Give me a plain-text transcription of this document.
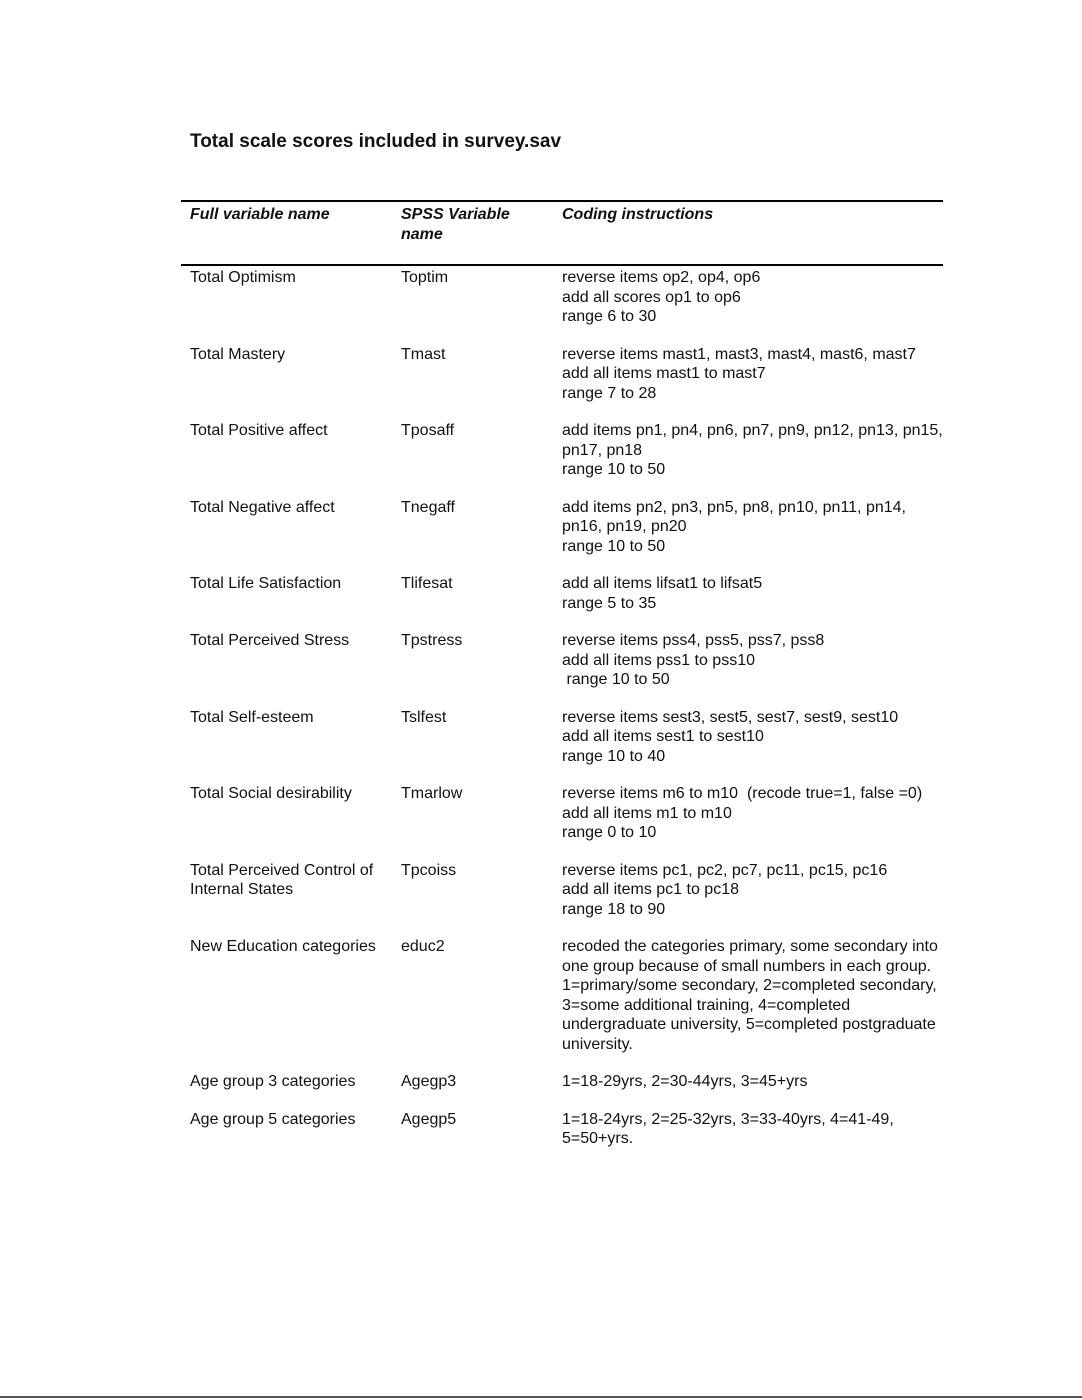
Total scale scores included in survey.sav
Full variable name	SPSS Variable name	Coding instructions
Total Optimism	Toptim	reverse items op2, op4, op6
add all scores op1 to op6
range 6 to 30

Total Mastery	Tmast	reverse items mast1, mast3, mast4, mast6, mast7
add all items mast1 to mast7
range 7 to 28

Total Positive affect	Tposaff	add items pn1, pn4, pn6, pn7, pn9, pn12, pn13, pn15, pn17, pn18
range 10 to 50

Total Negative affect	Tnegaff	add items pn2, pn3, pn5, pn8, pn10, pn11, pn14, pn16, pn19, pn20
range 10 to 50

Total Life Satisfaction	Tlifesat	add all items lifsat1 to lifsat5
range 5 to 35

Total Perceived Stress	Tpstress	reverse items pss4, pss5, pss7, pss8
add all items pss1 to pss10
range 10 to 50

Total Self-esteem	Tslfest	reverse items sest3, sest5, sest7, sest9, sest10
add all items sest1 to sest10
range 10 to 40

Total Social desirability	Tmarlow	reverse items m6 to m10  (recode true=1, false =0)
add all items m1 to m10
range 0 to 10

Total Perceived Control of Internal States	Tpcoiss	reverse items pc1, pc2, pc7, pc11, pc15, pc16
add all items pc1 to pc18
range 18 to 90

New Education categories	educ2	recoded the categories primary, some secondary into one group because of small numbers in each group.
1=primary/some secondary, 2=completed secondary, 3=some additional training, 4=completed undergraduate university, 5=completed postgraduate university.

Age group 3 categories	Agegp3	1=18-29yrs, 2=30-44yrs, 3=45+yrs

Age group 5 categories	Agegp5	1=18-24yrs, 2=25-32yrs, 3=33-40yrs, 4=41-49, 5=50+yrs.
